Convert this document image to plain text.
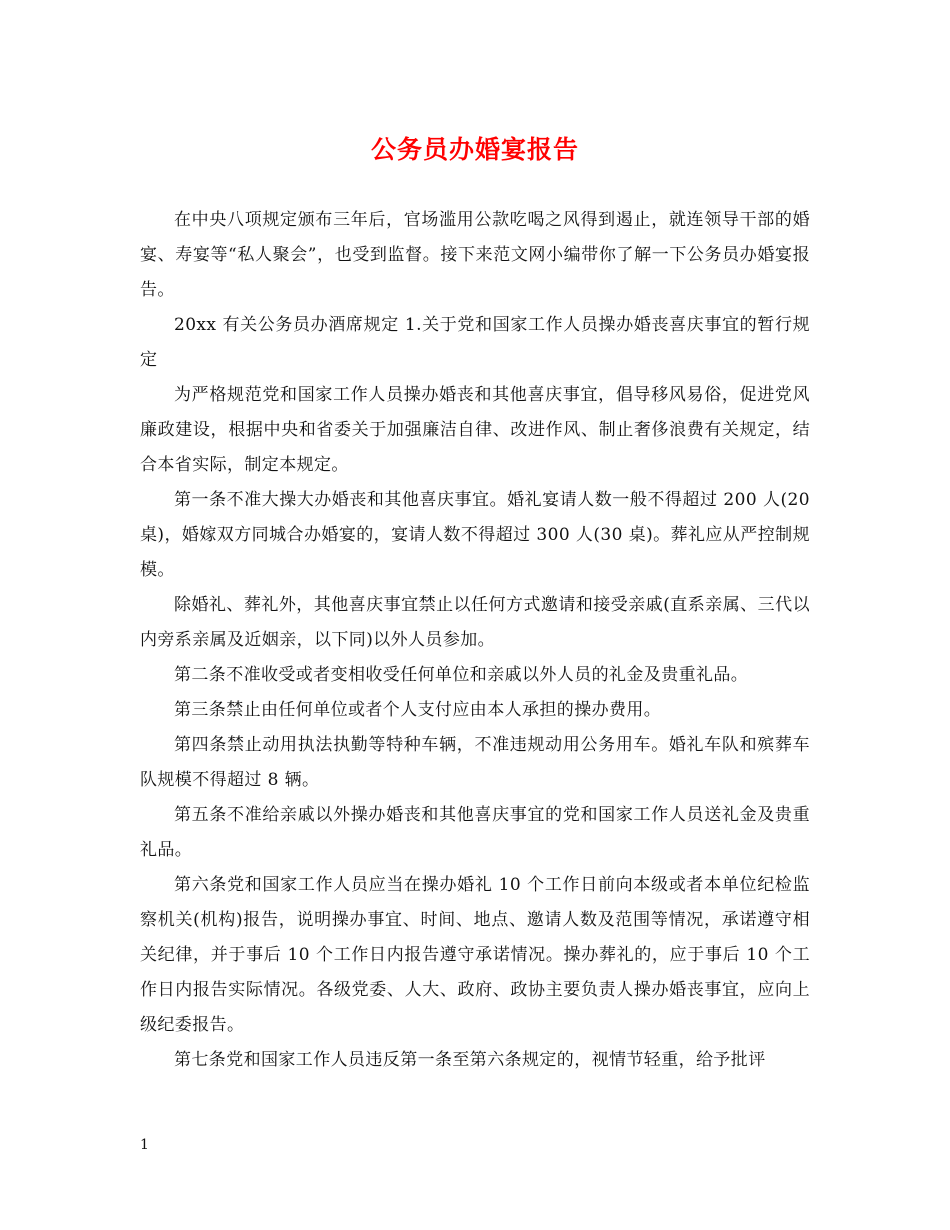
公务员办婚宴报告

在中央八项规定颁布三年后，官场滥用公款吃喝之风得到遏止，就连领导干部的婚宴、寿宴等“私人聚会”，也受到监督。接下来范文网小编带你了解一下公务员办婚宴报告。

20xx 有关公务员办酒席规定 1.关于党和国家工作人员操办婚丧喜庆事宜的暂行规定

为严格规范党和国家工作人员操办婚丧和其他喜庆事宜，倡导移风易俗，促进党风廉政建设，根据中央和省委关于加强廉洁自律、改进作风、制止奢侈浪费有关规定，结合本省实际，制定本规定。

第一条不准大操大办婚丧和其他喜庆事宜。婚礼宴请人数一般不得超过 200 人(20 桌)，婚嫁双方同城合办婚宴的，宴请人数不得超过 300 人(30 桌)。葬礼应从严控制规模。

除婚礼、葬礼外，其他喜庆事宜禁止以任何方式邀请和接受亲戚(直系亲属、三代以内旁系亲属及近姻亲，以下同)以外人员参加。

第二条不准收受或者变相收受任何单位和亲戚以外人员的礼金及贵重礼品。

第三条禁止由任何单位或者个人支付应由本人承担的操办费用。

第四条禁止动用执法执勤等特种车辆，不准违规动用公务用车。婚礼车队和殡葬车队规模不得超过 8 辆。

第五条不准给亲戚以外操办婚丧和其他喜庆事宜的党和国家工作人员送礼金及贵重礼品。

第六条党和国家工作人员应当在操办婚礼 10 个工作日前向本级或者本单位纪检监察机关(机构)报告，说明操办事宜、时间、地点、邀请人数及范围等情况，承诺遵守相关纪律，并于事后 10 个工作日内报告遵守承诺情况。操办葬礼的，应于事后 10 个工作日内报告实际情况。各级党委、人大、政府、政协主要负责人操办婚丧事宜，应向上级纪委报告。

第七条党和国家工作人员违反第一条至第六条规定的，视情节轻重，给予批评

1
